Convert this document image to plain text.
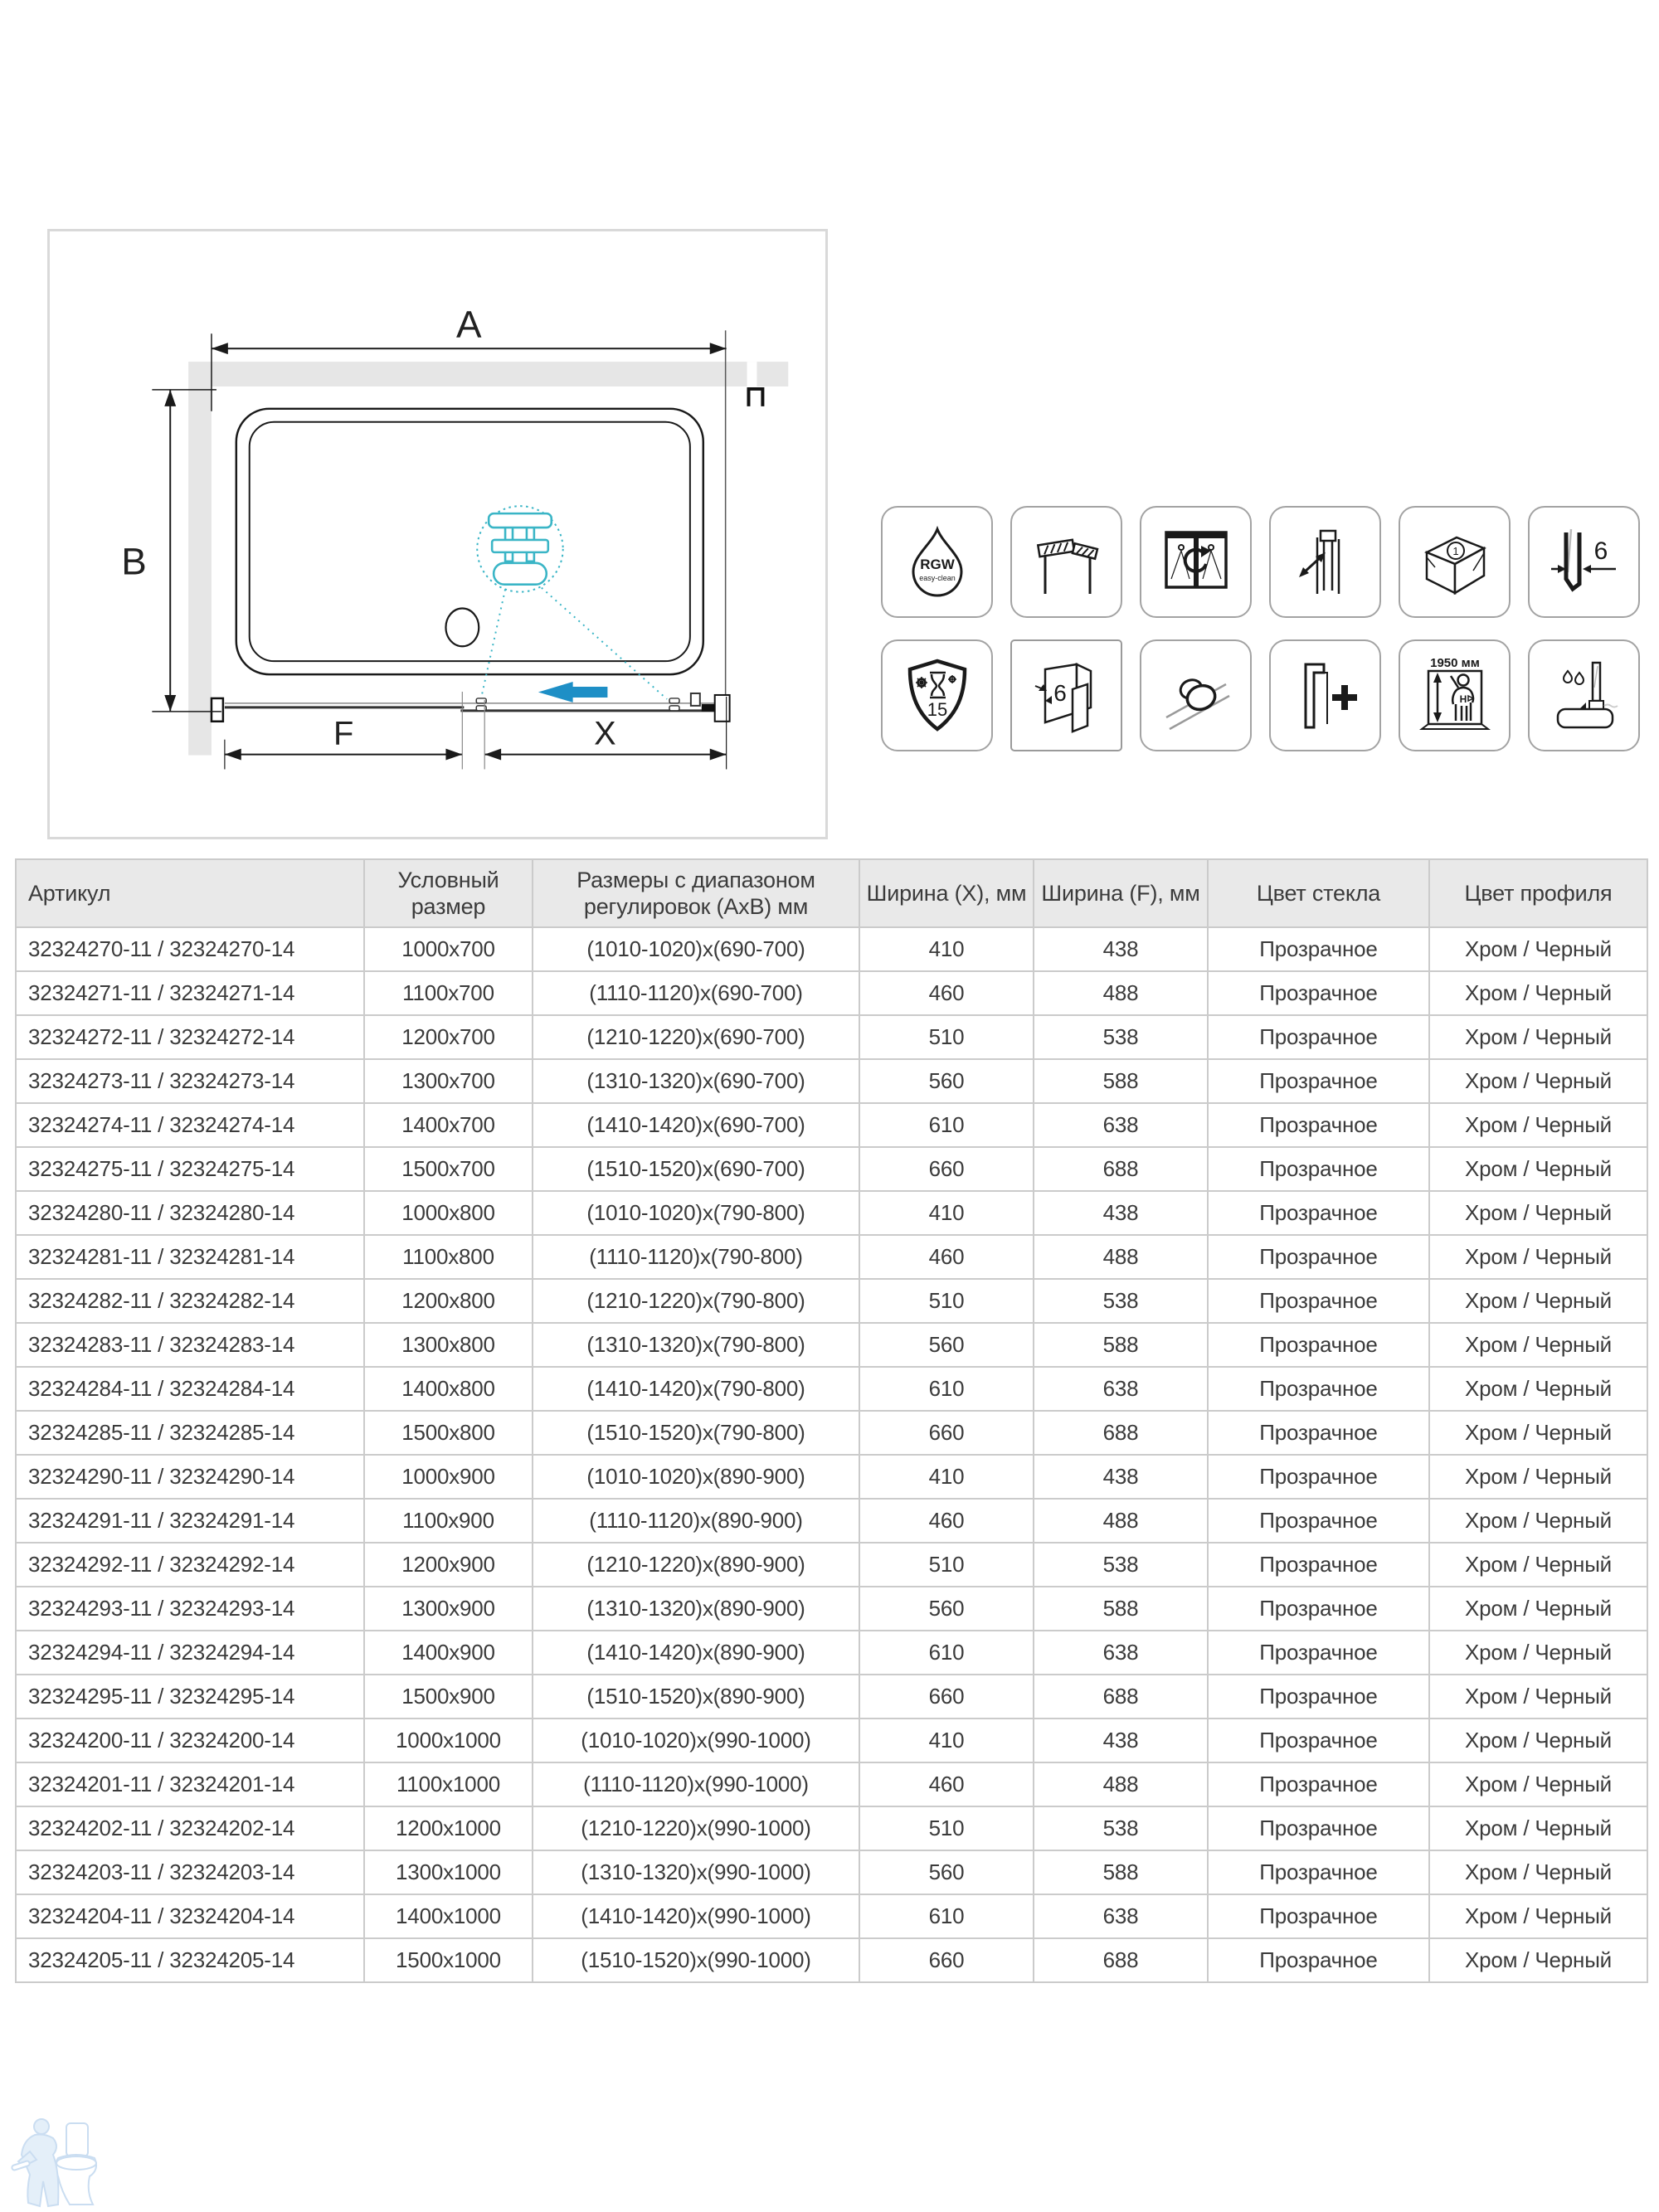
A
B
F	X
RGW
easy-clean
1	6
15
6
1950 мм
H
Артикул	Условный размер	Размеры с диапазоном регулировок (АхВ) мм	Ширина (X), мм	Ширина (F), мм	Цвет стекла	Цвет профиля
32324270-11 / 32324270-14	1000x700	(1010-1020)x(690-700)	410	438	Прозрачное	Хром / Черный
32324271-11 / 32324271-14	1100x700	(1110-1120)x(690-700)	460	488	Прозрачное	Хром / Черный
32324272-11 / 32324272-14	1200x700	(1210-1220)x(690-700)	510	538	Прозрачное	Хром / Черный
32324273-11 / 32324273-14	1300x700	(1310-1320)x(690-700)	560	588	Прозрачное	Хром / Черный
32324274-11 / 32324274-14	1400x700	(1410-1420)x(690-700)	610	638	Прозрачное	Хром / Черный
32324275-11 / 32324275-14	1500x700	(1510-1520)x(690-700)	660	688	Прозрачное	Хром / Черный
32324280-11 / 32324280-14	1000x800	(1010-1020)x(790-800)	410	438	Прозрачное	Хром / Черный
32324281-11 / 32324281-14	1100x800	(1110-1120)x(790-800)	460	488	Прозрачное	Хром / Черный
32324282-11 / 32324282-14	1200x800	(1210-1220)x(790-800)	510	538	Прозрачное	Хром / Черный
32324283-11 / 32324283-14	1300x800	(1310-1320)x(790-800)	560	588	Прозрачное	Хром / Черный
32324284-11 / 32324284-14	1400x800	(1410-1420)x(790-800)	610	638	Прозрачное	Хром / Черный
32324285-11 / 32324285-14	1500x800	(1510-1520)x(790-800)	660	688	Прозрачное	Хром / Черный
32324290-11 / 32324290-14	1000x900	(1010-1020)x(890-900)	410	438	Прозрачное	Хром / Черный
32324291-11 / 32324291-14	1100x900	(1110-1120)x(890-900)	460	488	Прозрачное	Хром / Черный
32324292-11 / 32324292-14	1200x900	(1210-1220)x(890-900)	510	538	Прозрачное	Хром / Черный
32324293-11 / 32324293-14	1300x900	(1310-1320)x(890-900)	560	588	Прозрачное	Хром / Черный
32324294-11 / 32324294-14	1400x900	(1410-1420)x(890-900)	610	638	Прозрачное	Хром / Черный
32324295-11 / 32324295-14	1500x900	(1510-1520)x(890-900)	660	688	Прозрачное	Хром / Черный
32324200-11 / 32324200-14	1000x1000	(1010-1020)x(990-1000)	410	438	Прозрачное	Хром / Черный
32324201-11 / 32324201-14	1100x1000	(1110-1120)x(990-1000)	460	488	Прозрачное	Хром / Черный
32324202-11 / 32324202-14	1200x1000	(1210-1220)x(990-1000)	510	538	Прозрачное	Хром / Черный
32324203-11 / 32324203-14	1300x1000	(1310-1320)x(990-1000)	560	588	Прозрачное	Хром / Черный
32324204-11 / 32324204-14	1400x1000	(1410-1420)x(990-1000)	610	638	Прозрачное	Хром / Черный
32324205-11 / 32324205-14	1500x1000	(1510-1520)x(990-1000)	660	688	Прозрачное	Хром / Черный
